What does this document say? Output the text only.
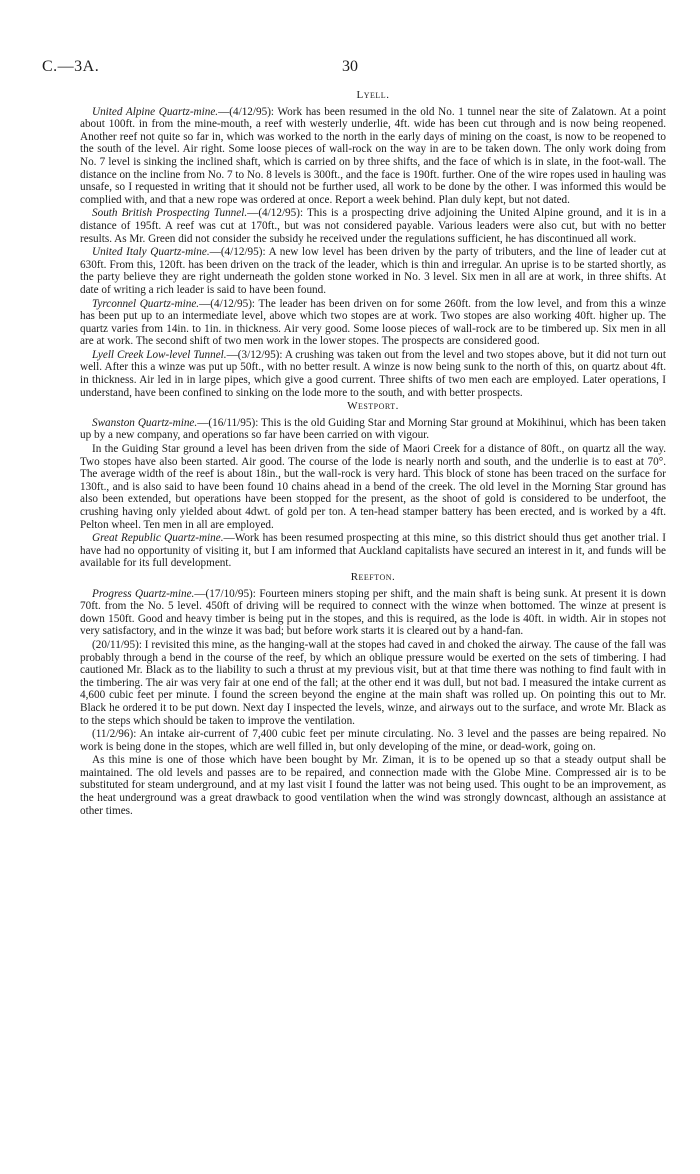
C.—3A.	30
Lyell.

United Alpine Quartz-mine.—(4/12/95): Work has been resumed in the old No. 1 tunnel near the site of Zalatown. At a point about 100ft. in from the mine-mouth, a reef with westerly underlie, 4ft. wide has been cut through and is now being reopened. Another reef not quite so far in, which was worked to the north in the early days of mining on the coast, is now to be reopened to the south of the level. Air right. Some loose pieces of wall-rock on the way in are to be taken down. The only work doing from No. 7 level is sinking the inclined shaft, which is carried on by three shifts, and the face of which is in slate, in the foot-wall. The distance on the incline from No. 7 to No. 8 levels is 300ft., and the face is 190ft. further. One of the wire ropes used in hauling was unsafe, so I requested in writing that it should not be further used, all work to be done by the other. I was informed this would be complied with, and that a new rope was ordered at once. Report a week behind. Plan duly kept, but not dated.

South British Prospecting Tunnel.—(4/12/95): This is a prospecting drive adjoining the United Alpine ground, and it is in a distance of 195ft. A reef was cut at 170ft., but was not considered payable. Various leaders were also cut, but with no better results. As Mr. Green did not consider the subsidy he received under the regulations sufficient, he has discontinued all work.

United Italy Quartz-mine.—(4/12/95): A new low level has been driven by the party of tributers, and the line of leader cut at 630ft. From this, 120ft. has been driven on the track of the leader, which is thin and irregular. An uprise is to be started shortly, as the party believe they are right underneath the golden stone worked in No. 3 level. Six men in all are at work, in three shifts. At date of writing a rich leader is said to have been found.

Tyrconnel Quartz-mine.—(4/12/95): The leader has been driven on for some 260ft. from the low level, and from this a winze has been put up to an intermediate level, above which two stopes are at work. Two stopes are also working 40ft. higher up. The quartz varies from 14in. to 1in. in thickness. Air very good. Some loose pieces of wall-rock are to be timbered up. Six men in all are at work. The second shift of two men work in the lower stopes. The prospects are considered good.

Lyell Creek Low-level Tunnel.—(3/12/95): A crushing was taken out from the level and two stopes above, but it did not turn out well. After this a winze was put up 50ft., with no better result. A winze is now being sunk to the north of this, on quartz about 4ft. in thickness. Air led in in large pipes, which give a good current. Three shifts of two men each are employed. Later operations, I understand, have been confined to sinking on the lode more to the south, and with better prospects.

Westport.

Swanston Quartz-mine.—(16/11/95): This is the old Guiding Star and Morning Star ground at Mokihinui, which has been taken up by a new company, and operations so far have been carried on with vigour.

In the Guiding Star ground a level has been driven from the side of Maori Creek for a distance of 80ft., on quartz all the way. Two stopes have also been started. Air good. The course of the lode is nearly north and south, and the underlie is to east at 70°. The average width of the reef is about 18in., but the wall-rock is very hard. This block of stone has been traced on the surface for 130ft., and is also said to have been found 10 chains ahead in a bend of the creek. The old level in the Morning Star ground has also been extended, but operations have been stopped for the present, as the shoot of gold is considered to be underfoot, the crushing having only yielded about 4dwt. of gold per ton. A ten-head stamper battery has been erected, and is worked by a 4ft. Pelton wheel. Ten men in all are employed.

Great Republic Quartz-mine.—Work has been resumed prospecting at this mine, so this district should thus get another trial. I have had no opportunity of visiting it, but I am informed that Auckland capitalists have secured an interest in it, and funds will be available for its full development.

Reefton.

Progress Quartz-mine.—(17/10/95): Fourteen miners stoping per shift, and the main shaft is being sunk. At present it is down 70ft. from the No. 5 level. 450ft of driving will be required to connect with the winze when bottomed. The winze at present is down 150ft. Good and heavy timber is being put in the stopes, and this is required, as the lode is 40ft. in width. Air in stopes not very satisfactory, and in the winze it was bad; but before work starts it is cleared out by a hand-fan.

(20/11/95): I revisited this mine, as the hanging-wall at the stopes had caved in and choked the airway. The cause of the fall was probably through a bend in the course of the reef, by which an oblique pressure would be exerted on the sets of timbering. I had cautioned Mr. Black as to the liability to such a thrust at my previous visit, but at that time there was nothing to find fault with in the timbering. The air was very fair at one end of the fall; at the other end it was dull, but not bad. I measured the intake current as 4,600 cubic feet per minute. I found the screen beyond the engine at the main shaft was rolled up. On pointing this out to Mr. Black he ordered it to be put down. Next day I inspected the levels, winze, and airways out to the surface, and wrote Mr. Black as to the steps which should be taken to improve the ventilation.

(11/2/96): An intake air-current of 7,400 cubic feet per minute circulating. No. 3 level and the passes are being repaired. No work is being done in the stopes, which are well filled in, but only developing of the mine, or dead-work, going on.

As this mine is one of those which have been bought by Mr. Ziman, it is to be opened up so that a steady output shall be maintained. The old levels and passes are to be repaired, and connection made with the Globe Mine. Compressed air is to be substituted for steam underground, and at my last visit I found the latter was not being used. This ought to be an improvement, as the heat underground was a great drawback to good ventilation when the wind was strongly downcast, although an assistance at other times.
